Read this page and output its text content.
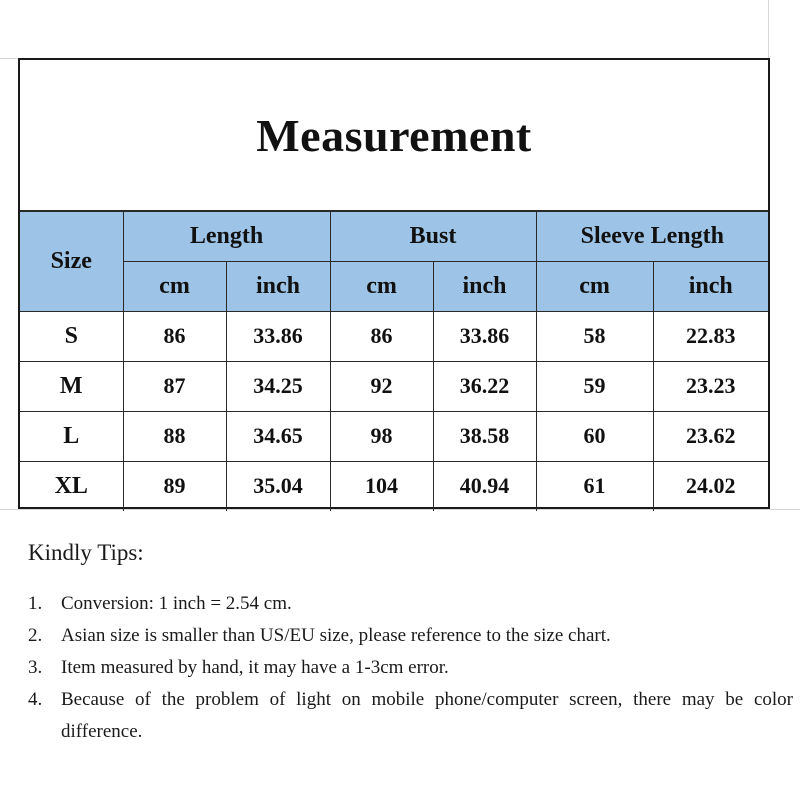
Measurement
Size	Length		Bust		Sleeve Length	
	cm	inch	cm	inch	cm	inch
S	86	33.86	86	33.86	58	22.83
M	87	34.25	92	36.22	59	23.23
L	88	34.65	98	38.58	60	23.62
XL	89	35.04	104	40.94	61	24.02
Kindly Tips:
1. Conversion: 1 inch = 2.54 cm.
2. Asian size is smaller than US/EU size, please reference to the size chart.
3. Item measured by hand, it may have a 1-3cm error.
4. Because of the problem of light on mobile phone/computer screen, there may be color difference.
